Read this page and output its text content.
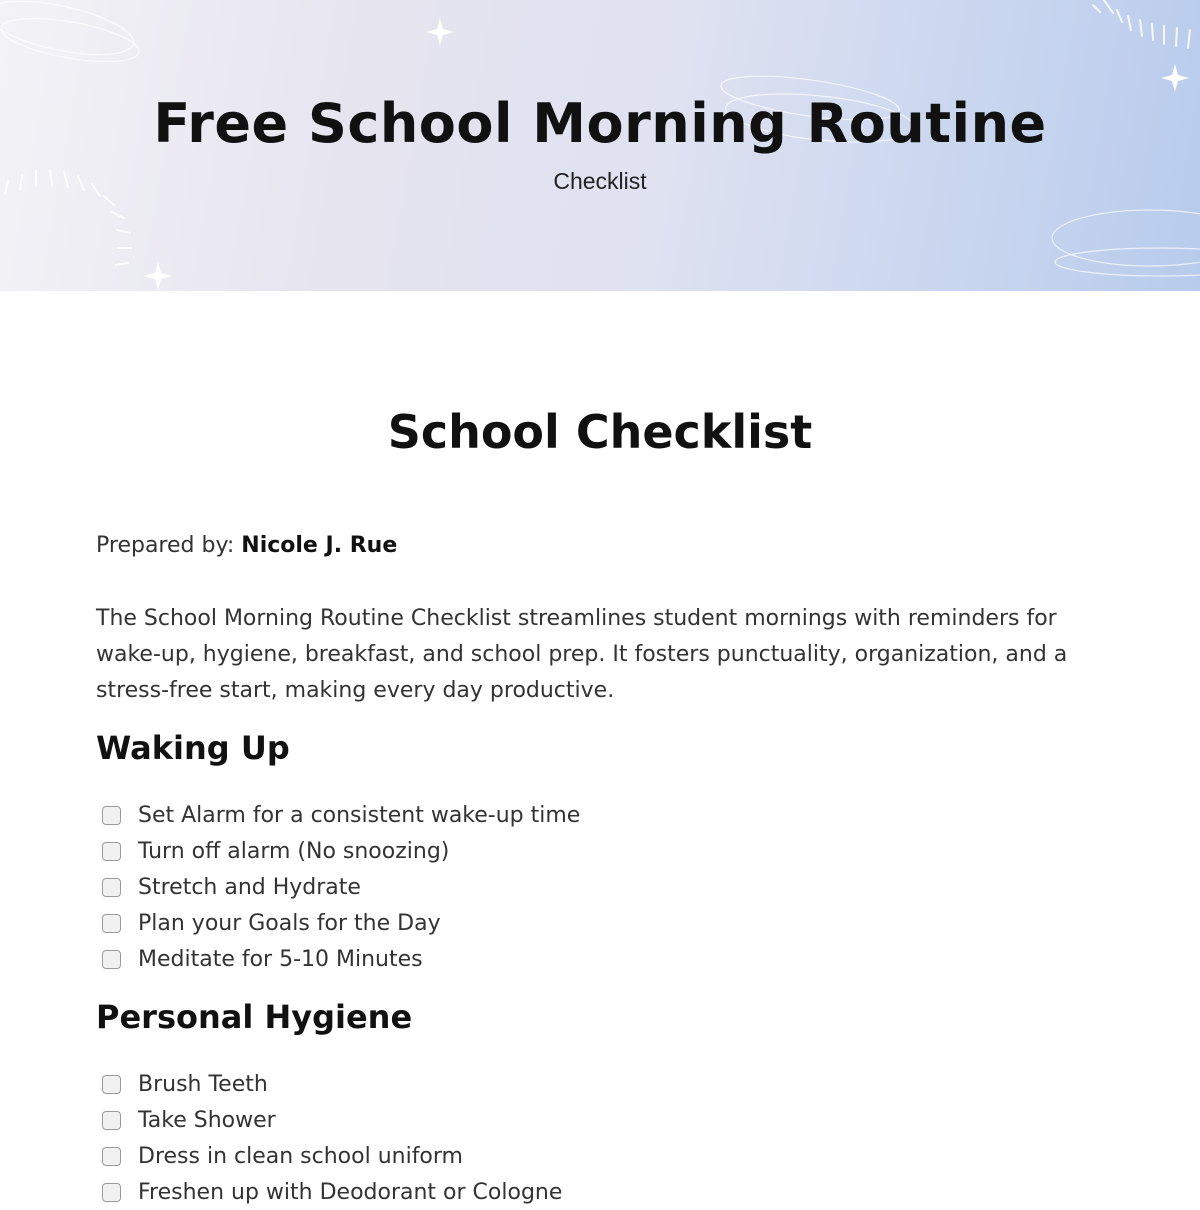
Free School Morning Routine
Checklist
School Checklist
Prepared by: Nicole J. Rue

The School Morning Routine Checklist streamlines student mornings with reminders for wake-up, hygiene, breakfast, and school prep. It fosters punctuality, organization, and a stress-free start, making every day productive.

Waking Up
Set Alarm for a consistent wake-up time
Turn off alarm (No snoozing)
Stretch and Hydrate
Plan your Goals for the Day
Meditate for 5-10 Minutes
Personal Hygiene
Brush Teeth
Take Shower
Dress in clean school uniform
Freshen up with Deodorant or Cologne
